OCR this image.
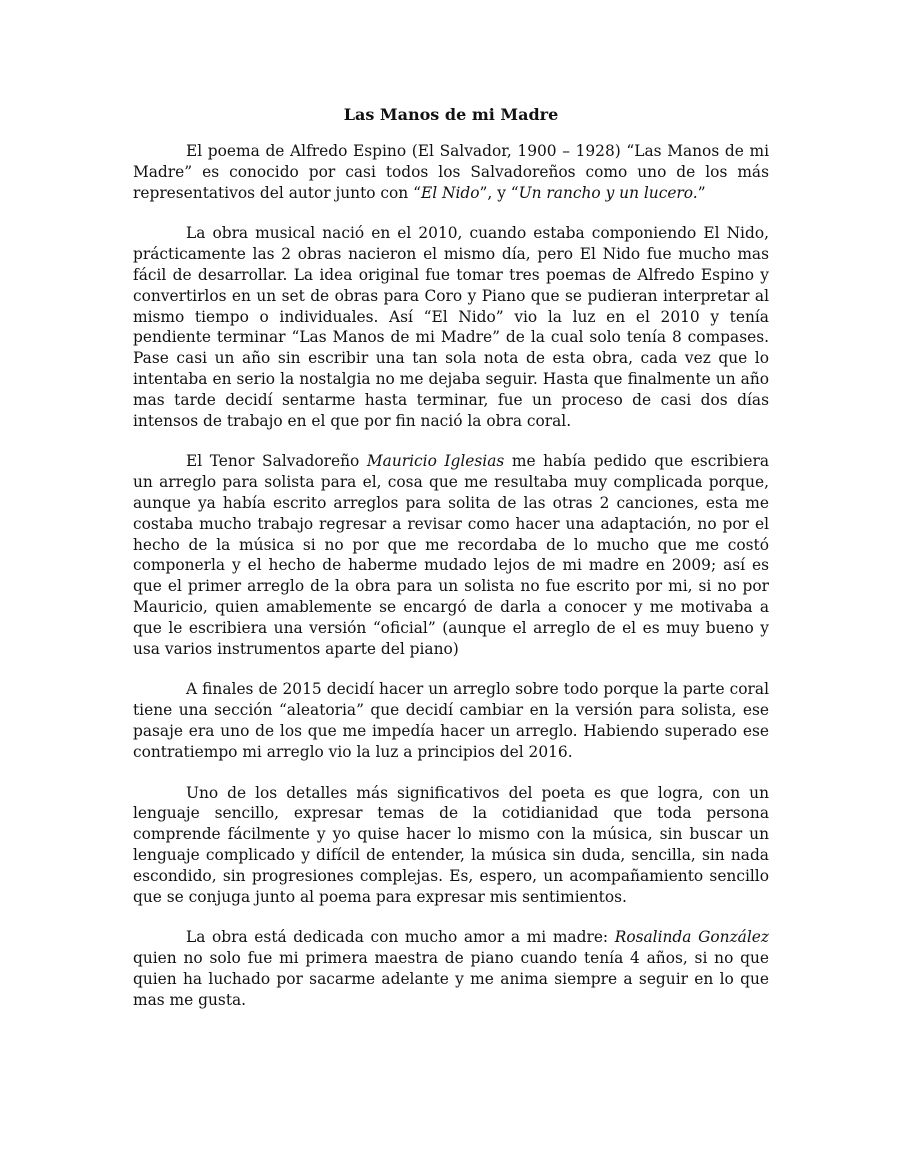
Las Manos de mi Madre

El poema de Alfredo Espino (El Salvador, 1900 – 1928) “Las Manos de mi Madre” es conocido por casi todos los Salvadoreños como uno de los más representativos del autor junto con “El Nido”, y “Un rancho y un lucero.”

La obra musical nació en el 2010, cuando estaba componiendo El Nido, prácticamente las 2 obras nacieron el mismo día, pero El Nido fue mucho mas fácil de desarrollar. La idea original fue tomar tres poemas de Alfredo Espino y convertirlos en un set de obras para Coro y Piano que se pudieran interpretar al mismo tiempo o individuales. Así “El Nido” vio la luz en el 2010 y tenía pendiente terminar “Las Manos de mi Madre” de la cual solo tenía 8 compases. Pase casi un año sin escribir una tan sola nota de esta obra, cada vez que lo intentaba en serio la nostalgia no me dejaba seguir. Hasta que finalmente un año mas tarde decidí sentarme hasta terminar, fue un proceso de casi dos días intensos de trabajo en el que por fin nació la obra coral.

El Tenor Salvadoreño Mauricio Iglesias me había pedido que escribiera un arreglo para solista para el, cosa que me resultaba muy complicada porque, aunque ya había escrito arreglos para solita de las otras 2 canciones, esta me costaba mucho trabajo regresar a revisar como hacer una adaptación, no por el hecho de la música si no por que me recordaba de lo mucho que me costó componerla y el hecho de haberme mudado lejos de mi madre en 2009; así es que el primer arreglo de la obra para un solista no fue escrito por mi, si no por Mauricio, quien amablemente se encargó de darla a conocer y me motivaba a que le escribiera una versión “oficial” (aunque el arreglo de el es muy bueno y usa varios instrumentos aparte del piano)

A finales de 2015 decidí hacer un arreglo sobre todo porque la parte coral tiene una sección “aleatoria” que decidí cambiar en la versión para solista, ese pasaje era uno de los que me impedía hacer un arreglo. Habiendo superado ese contratiempo mi arreglo vio la luz a principios del 2016.

Uno de los detalles más significativos del poeta es que logra, con un lenguaje sencillo, expresar temas de la cotidianidad que toda persona comprende fácilmente y yo quise hacer lo mismo con la música, sin buscar un lenguaje complicado y difícil de entender, la música sin duda, sencilla, sin nada escondido, sin progresiones complejas. Es, espero, un acompañamiento sencillo que se conjuga junto al poema para expresar mis sentimientos.

La obra está dedicada con mucho amor a mi madre: Rosalinda González quien no solo fue mi primera maestra de piano cuando tenía 4 años, si no que quien ha luchado por sacarme adelante y me anima siempre a seguir en lo que mas me gusta.
